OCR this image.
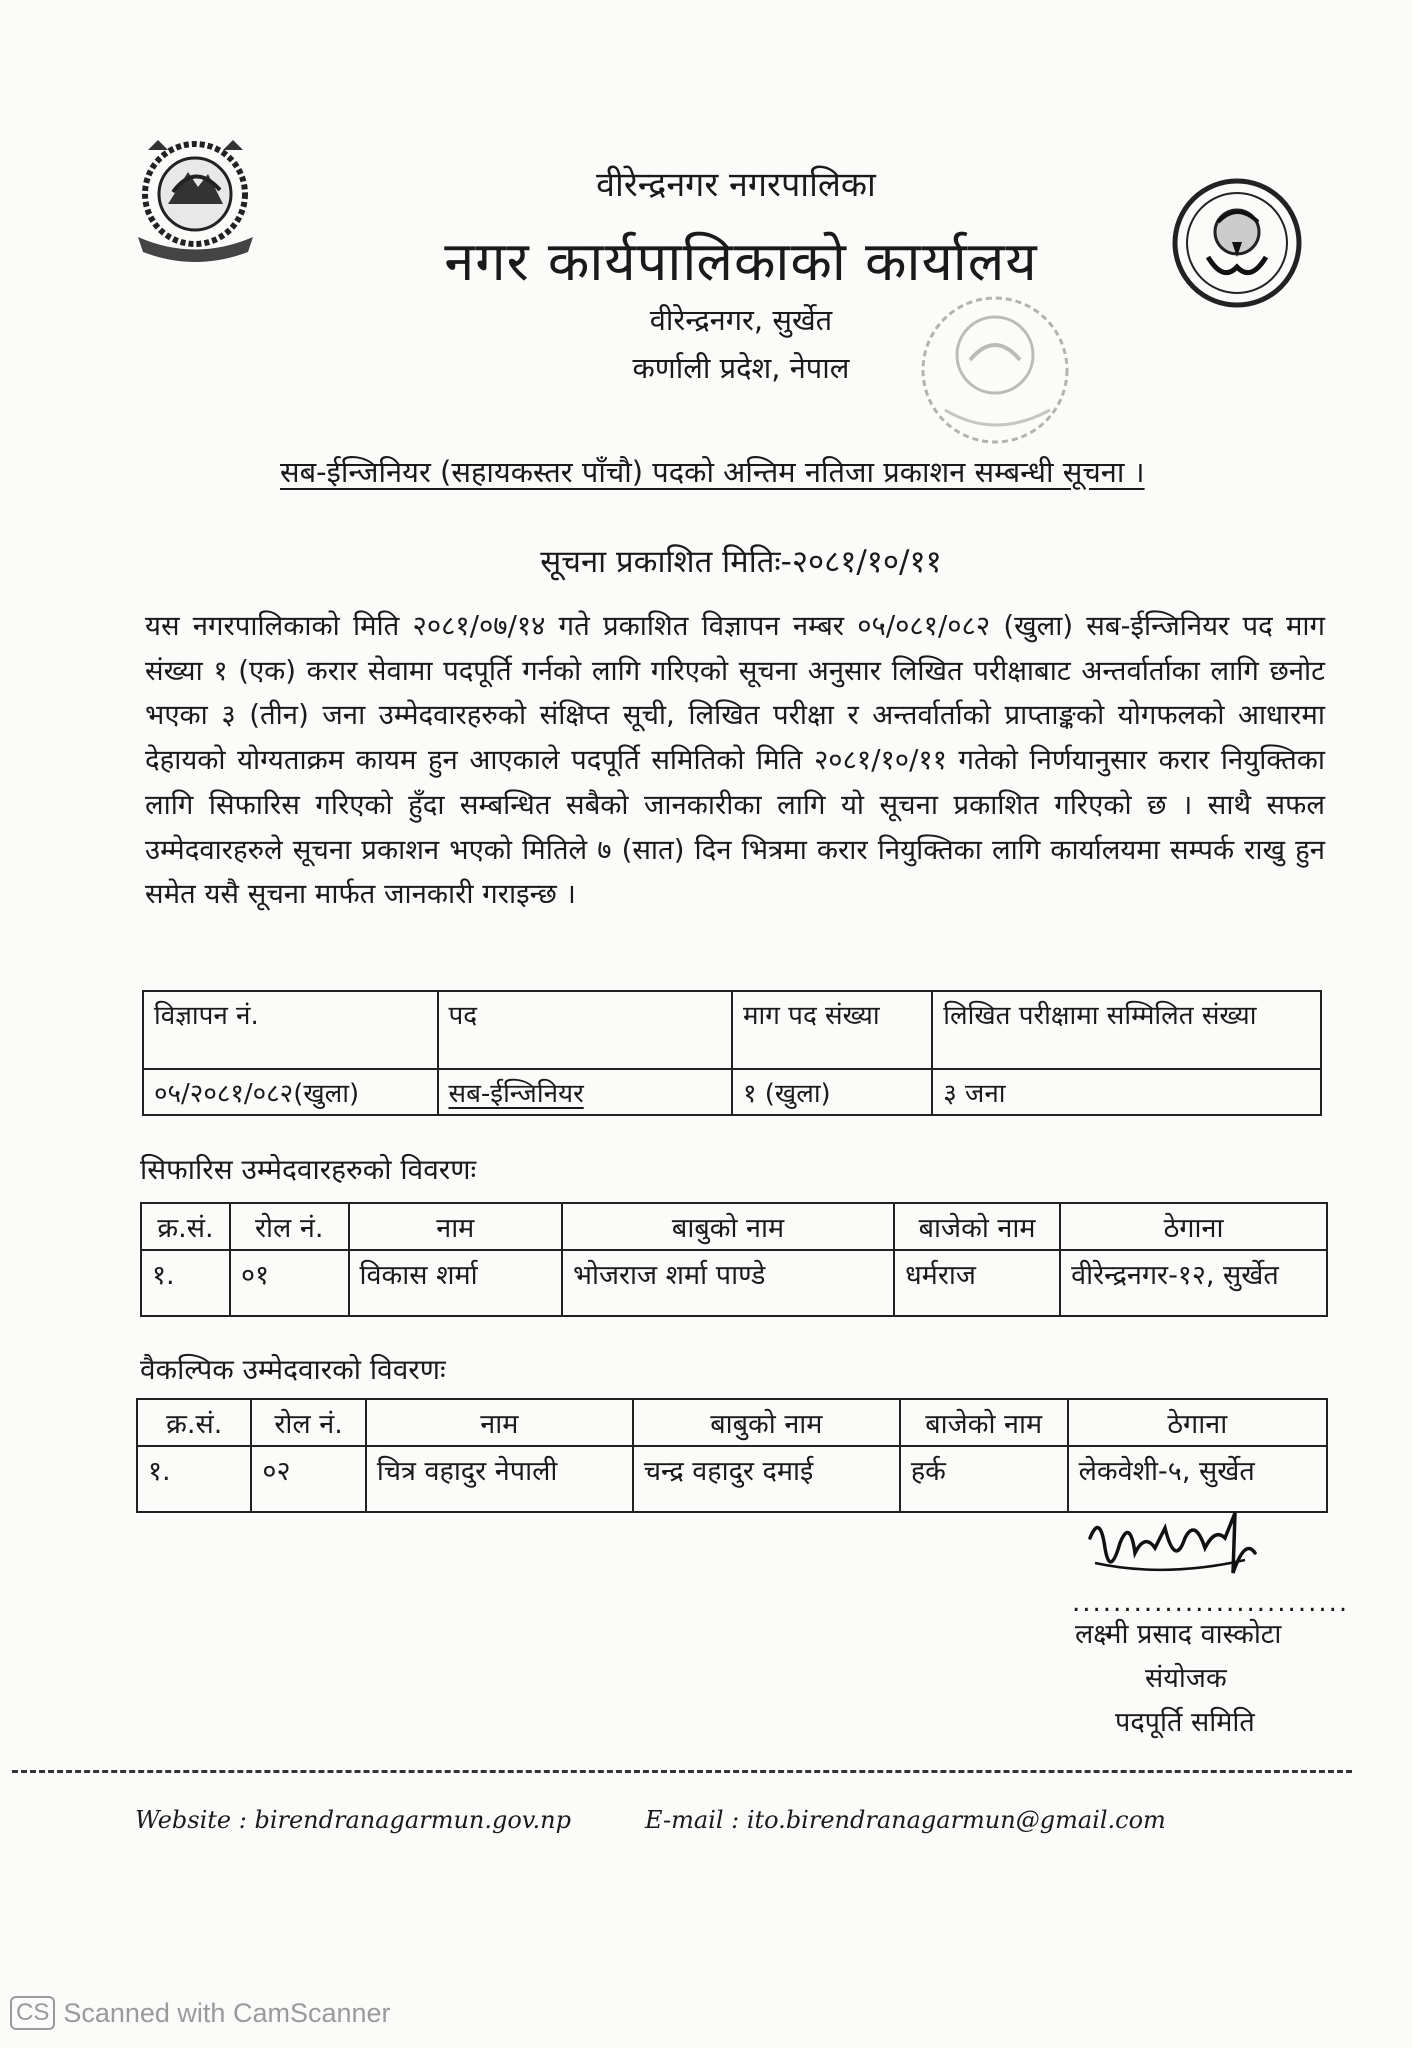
वीरेन्द्रनगर नगरपालिका
नगर कार्यपालिकाको कार्यालय
वीरेन्द्रनगर, सुर्खेत
कर्णाली प्रदेश, नेपाल
सब-ईन्जिनियर (सहायकस्तर पाँचौ) पदको अन्तिम नतिजा प्रकाशन सम्बन्धी सूचना ।
सूचना प्रकाशित मितिः-२०८१/१०/११
यस नगरपालिकाको मिति २०८१/०७/१४ गते प्रकाशित विज्ञापन नम्बर ०५/०८१/०८२ (खुला) सब-ईन्जिनियर पद माग संख्या १ (एक) करार सेवामा पदपूर्ति गर्नको लागि गरिएको सूचना अनुसार लिखित परीक्षाबाट अन्तर्वार्ताका लागि छनोट भएका ३ (तीन) जना उम्मेदवारहरुको संक्षिप्त सूची, लिखित परीक्षा र अन्तर्वार्ताको प्राप्ताङ्कको योगफलको आधारमा देहायको योग्यताक्रम कायम हुन आएकाले पदपूर्ति समितिको मिति २०८१/१०/११ गतेको निर्णयानुसार करार नियुक्तिका लागि सिफारिस गरिएको हुँदा सम्बन्धित सबैको जानकारीका लागि यो सूचना प्रकाशित गरिएको छ । साथै सफल उम्मेदवारहरुले सूचना प्रकाशन भएको मितिले ७ (सात) दिन भित्रमा करार नियुक्तिका लागि कार्यालयमा सम्पर्क राखु हुन समेत यसै सूचना मार्फत जानकारी गराइन्छ ।
विज्ञापन नं.	पद	माग पद संख्या	लिखित परीक्षामा सम्मिलित संख्या
०५/२०८१/०८२(खुला)	सब-ईन्जिनियर	१ (खुला)	३ जना
सिफारिस उम्मेदवारहरुको विवरणः
क्र.सं.	रोल नं.	नाम	बाबुको नाम	बाजेको नाम	ठेगाना
१.	०१	विकास शर्मा	भोजराज शर्मा पाण्डे	धर्मराज	वीरेन्द्रनगर-१२, सुर्खेत
वैकल्पिक उम्मेदवारको विवरणः
क्र.सं.	रोल नं.	नाम	बाबुको नाम	बाजेको नाम	ठेगाना
१.	०२	चित्र वहादुर नेपाली	चन्द्र वहादुर दमाई	हर्क	लेकवेशी-५, सुर्खेत
...........................
लक्ष्मी प्रसाद वास्कोटा
संयोजक
पदपूर्ति समिति
Website : birendranagarmun.gov.np	E-mail : ito.birendranagarmun@gmail.com
CS Scanned with CamScanner
